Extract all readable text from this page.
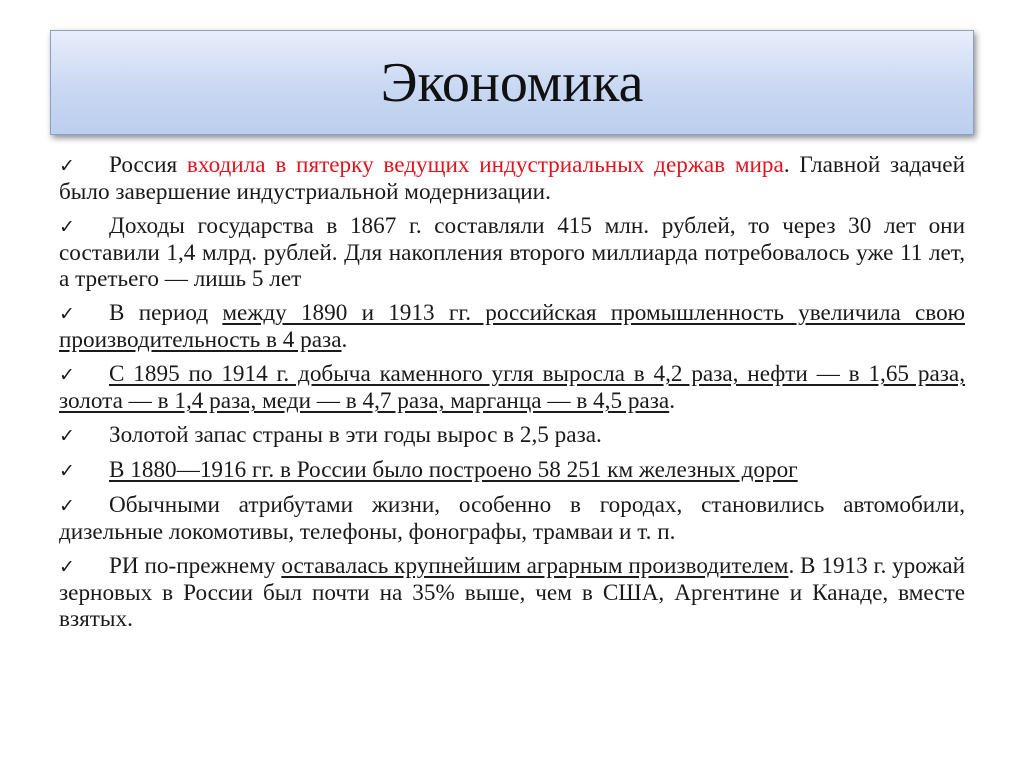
Экономика
✓ Россия входила в пятерку ведущих индустриальных держав мира. Главной задачей было завершение индустриальной модернизации.
✓ Доходы государства в 1867 г. составляли 415 млн. рублей, то через 30 лет они составили 1,4 млрд. рублей. Для накопления второго миллиарда потребовалось уже 11 лет, а третьего — лишь 5 лет
✓ В период между 1890 и 1913 гг. российская промышленность увеличила свою производительность в 4 раза.
✓ С 1895 по 1914 г. добыча каменного угля выросла в 4,2 раза, нефти — в 1,65 раза, золота — в 1,4 раза, меди — в 4,7 раза, марганца — в 4,5 раза.
✓ Золотой запас страны в эти годы вырос в 2,5 раза.
✓ В 1880—1916 гг. в России было построено 58 251 км железных дорог
✓ Обычными атрибутами жизни, особенно в городах, становились автомобили, дизельные локомотивы, телефоны, фонографы, трамваи и т. п.
✓ РИ по-прежнему оставалась крупнейшим аграрным производителем. В 1913 г. урожай зерновых в России был почти на 35% выше, чем в США, Аргентине и Канаде, вместе взятых.
